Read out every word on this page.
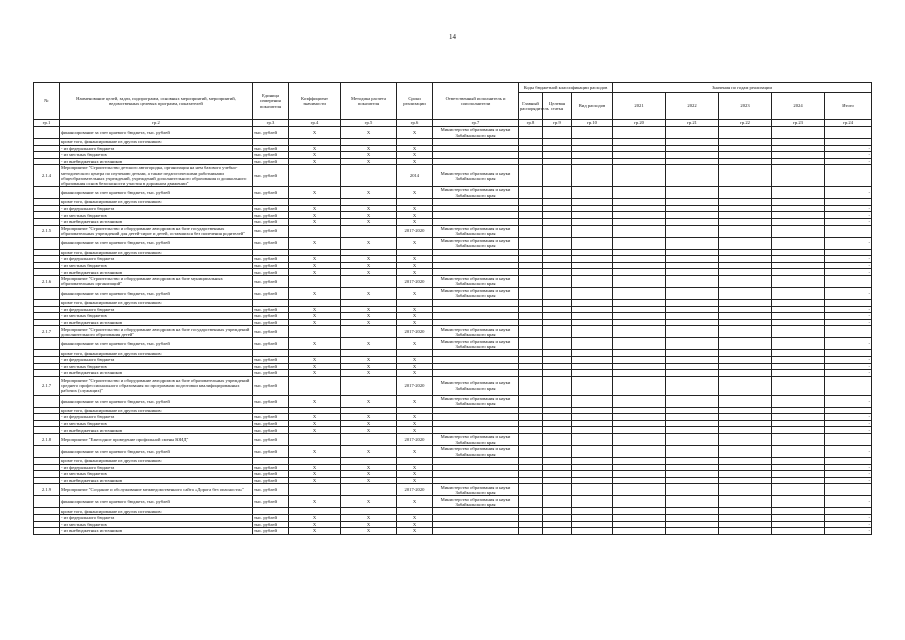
14
№	Наименование целей, задач, подпрограмм, основных мероприятий, мероприятий, ведомственных целевых программ, показателей	Единица измерения показателя	Коэффициент значимости	Методика расчета показателя	Сроки реализации	Ответственный исполнитель и соисполнители	Коды бюджетной классификации расходов			Значения по годам реализации				
							Главный распорядитель	Целевая статья	Вид расходов	2021	2022	2023	2024	Итого
гр.1	гр.2	гр.3	гр.4	гр.5	гр.6	гр.7	гр.8	гр.9	гр.10	гр.20	гр.21	гр.22	гр.23	гр.24
	финансирование за счет краевого бюджета, тыс. рублей	тыс. рублей	X	X	X	Министерство образования и науки Забайкальского края								
	кроме того, финансирование из других источников:													
	- из федерального бюджета	тыс. рублей	X	X	X									-
	- из местных бюджетов	тыс. рублей	X	X	X									-
	- из внебюджетных источников	тыс. рублей	X	X	X									-
2.1.4	Мероприятие "Строительство детского автогородка, организация на нем базового учебно-методического центра по изучению детьми, а также педагогическими работниками общеобразовательных учреждений, учреждений дополнительного образования и дошкольного образования основ безопасности участия в дорожном движении"	тыс. рублей			2014	Министерство образования и науки Забайкальского края								
	финансирование за счет краевого бюджета, тыс. рублей	тыс. рублей	X	X	X	Министерство образования и науки Забайкальского края								-
	кроме того, финансирование из других источников:													
	- из федерального бюджета	тыс. рублей	X	X	X									-
	- из местных бюджетов	тыс. рублей	X	X	X									-
	- из внебюджетных источников	тыс. рублей	X	X	X									-
2.1.5	Мероприятие "Строительство и оборудование автодромов на базе государственных образовательных учреждений для детей-сирот и детей, оставшихся без попечения родителей"	тыс. рублей			2017-2020	Министерство образования и науки Забайкальского края								
	финансирование за счет краевого бюджета, тыс. рублей	тыс. рублей	X	X	X	Министерство образования и науки Забайкальского края								-
	кроме того, финансирование из других источников:													
	- из федерального бюджета	тыс. рублей	X	X	X									-
	- из местных бюджетов	тыс. рублей	X	X	X									-
	- из внебюджетных источников	тыс. рублей	X	X	X									-
2.1.6	Мероприятие "Строительство и оборудование автодромов на базе муниципальных образовательных организаций"	тыс. рублей			2017-2020	Министерство образования и науки Забайкальского края								
	финансирование за счет краевого бюджета, тыс. рублей	тыс. рублей	X	X	X	Министерство образования и науки Забайкальского края								-
	кроме того, финансирование из других источников:													
	- из федерального бюджета	тыс. рублей	X	X	X									-
	- из местных бюджетов	тыс. рублей	X	X	X									-
	- из внебюджетных источников	тыс. рублей	X	X	X									-
2.1.7	Мероприятие "Строительство и оборудование автодромов на базе государственных учреждений дополнительного образования детей"	тыс. рублей			2017-2020	Министерство образования и науки Забайкальского края								
	финансирование за счет краевого бюджета, тыс. рублей	тыс. рублей	X	X	X	Министерство образования и науки Забайкальского края								-
	кроме того, финансирование из других источников:													
	- из федерального бюджета	тыс. рублей	X	X	X									-
	- из местных бюджетов	тыс. рублей	X	X	X									-
	- из внебюджетных источников	тыс. рублей	X	X	X									-
2.1.7	Мероприятие "Строительство и оборудование автодромов на базе образовательных учреждений среднего профессионального образования по программам подготовки квалифицированных рабочих (служащих)"	тыс. рублей			2017-2020	Министерство образования и науки Забайкальского края								
	финансирование за счет краевого бюджета, тыс. рублей	тыс. рублей	X	X	X	Министерство образования и науки Забайкальского края								-
	кроме того, финансирование из других источников:													
	- из федерального бюджета	тыс. рублей	X	X	X									-
	- из местных бюджетов	тыс. рублей	X	X	X									-
	- из внебюджетных источников	тыс. рублей	X	X	X									-
2.1.8	Мероприятие "Ежегодное проведение профильной смены ЮИД"	тыс. рублей			2017-2020	Министерство образования и науки Забайкальского края								
	финансирование за счет краевого бюджета, тыс. рублей	тыс. рублей	X	X	X	Министерство образования и науки Забайкальского края								-
	кроме того, финансирование из других источников:													
	- из федерального бюджета	тыс. рублей	X	X	X									-
	- из местных бюджетов	тыс. рублей	X	X	X									-
	- из внебюджетных источников	тыс. рублей	X	X	X									-
2.1.9	Мероприятие "Создание и обслуживание межведомственного сайта «Дорога без опасности»"	тыс. рублей			2017-2020	Министерство образования и науки Забайкальского края								
	финансирование за счет краевого бюджета, тыс. рублей	тыс. рублей	X	X	X	Министерство образования и науки Забайкальского края								-
	кроме того, финансирование из других источников:													
	- из федерального бюджета	тыс. рублей	X	X	X									-
	- из местных бюджетов	тыс. рублей	X	X	X									-
	- из внебюджетных источников	тыс. рублей	X	X	X									-
